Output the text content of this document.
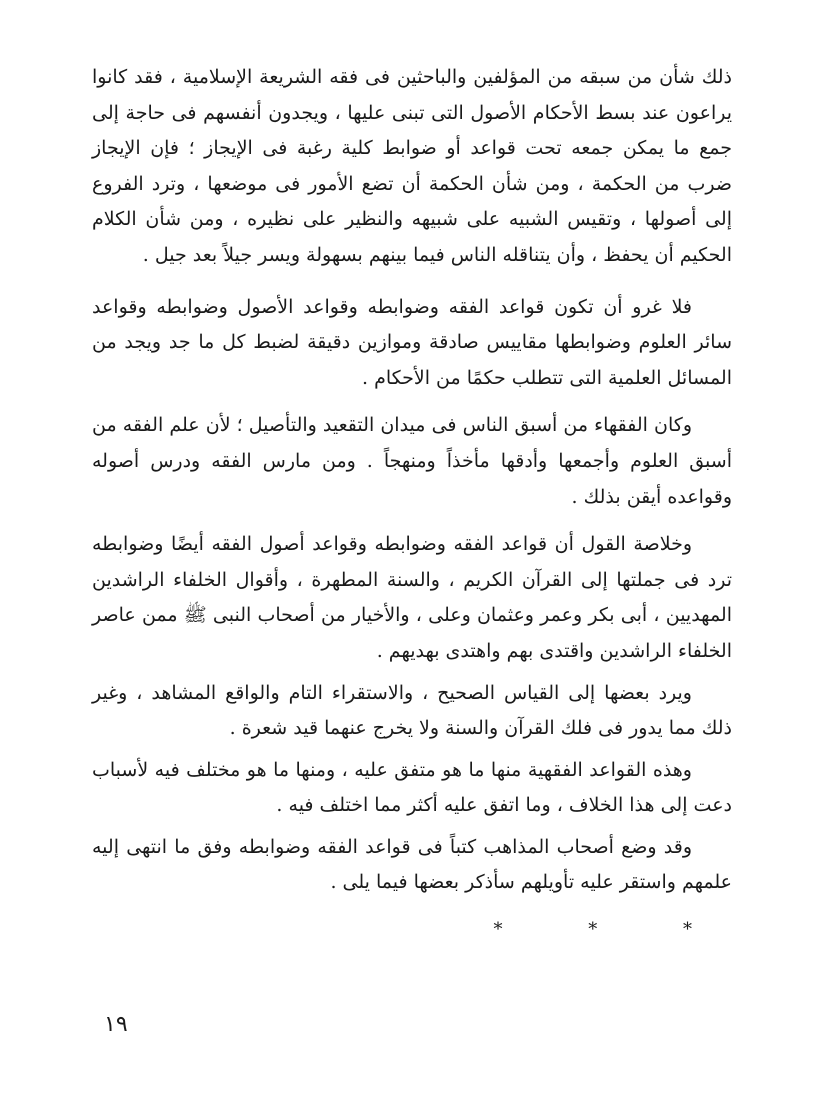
ذلك شأن من سبقه من المؤلفين والباحثين فى فقه الشريعة الإسلامية ، فقد كانوا يراعون عند بسط الأحكام الأصول التى تبنى عليها ، ويجدون أنفسهم فى حاجة إلى جمع ما يمكن جمعه تحت قواعد أو ضوابط كلية رغبة فى الإيجاز ؛ فإن الإيجاز ضرب من الحكمة ، ومن شأن الحكمة أن تضع الأمور فى موضعها ، وترد الفروع إلى أصولها ، وتقيس الشبيه على شبيهه والنظير على نظيره ، ومن شأن الكلام الحكيم أن يحفظ ، وأن يتناقله الناس فيما بينهم بسهولة ويسر جيلاً بعد جيل .

فلا غرو أن تكون قواعد الفقه وضوابطه وقواعد الأصول وضوابطه وقواعد سائر العلوم وضوابطها مقاييس صادقة وموازين دقيقة لضبط كل ما جد ويجد من المسائل العلمية التى تتطلب حكمًا من الأحكام .

وكان الفقهاء من أسبق الناس فى ميدان التقعيد والتأصيل ؛ لأن علم الفقه من أسبق العلوم وأجمعها وأدقها مأخذاً ومنهجاً . ومن مارس الفقه ودرس أصوله وقواعده أيقن بذلك .

وخلاصة القول أن قواعد الفقه وضوابطه وقواعد أصول الفقه أيضًا وضوابطه ترد فى جملتها إلى القرآن الكريم ، والسنة المطهرة ، وأقوال الخلفاء الراشدين المهديين ، أبى بكر وعمر وعثمان وعلى ، والأخيار من أصحاب النبى ﷺ ممن عاصر الخلفاء الراشدين واقتدى بهم واهتدى بهديهم .

ويرد بعضها إلى القياس الصحيح ، والاستقراء التام والواقع المشاهد ، وغير ذلك مما يدور فى فلك القرآن والسنة ولا يخرج عنهما قيد شعرة .

وهذه القواعد الفقهية منها ما هو متفق عليه ، ومنها ما هو مختلف فيه لأسباب دعت إلى هذا الخلاف ، وما اتفق عليه أكثر مما اختلف فيه .

وقد وضع أصحاب المذاهب كتباً فى قواعد الفقه وضوابطه وفق ما انتهى إليه علمهم واستقر عليه تأويلهم سأذكر بعضها فيما يلى .

* * *
١٩
